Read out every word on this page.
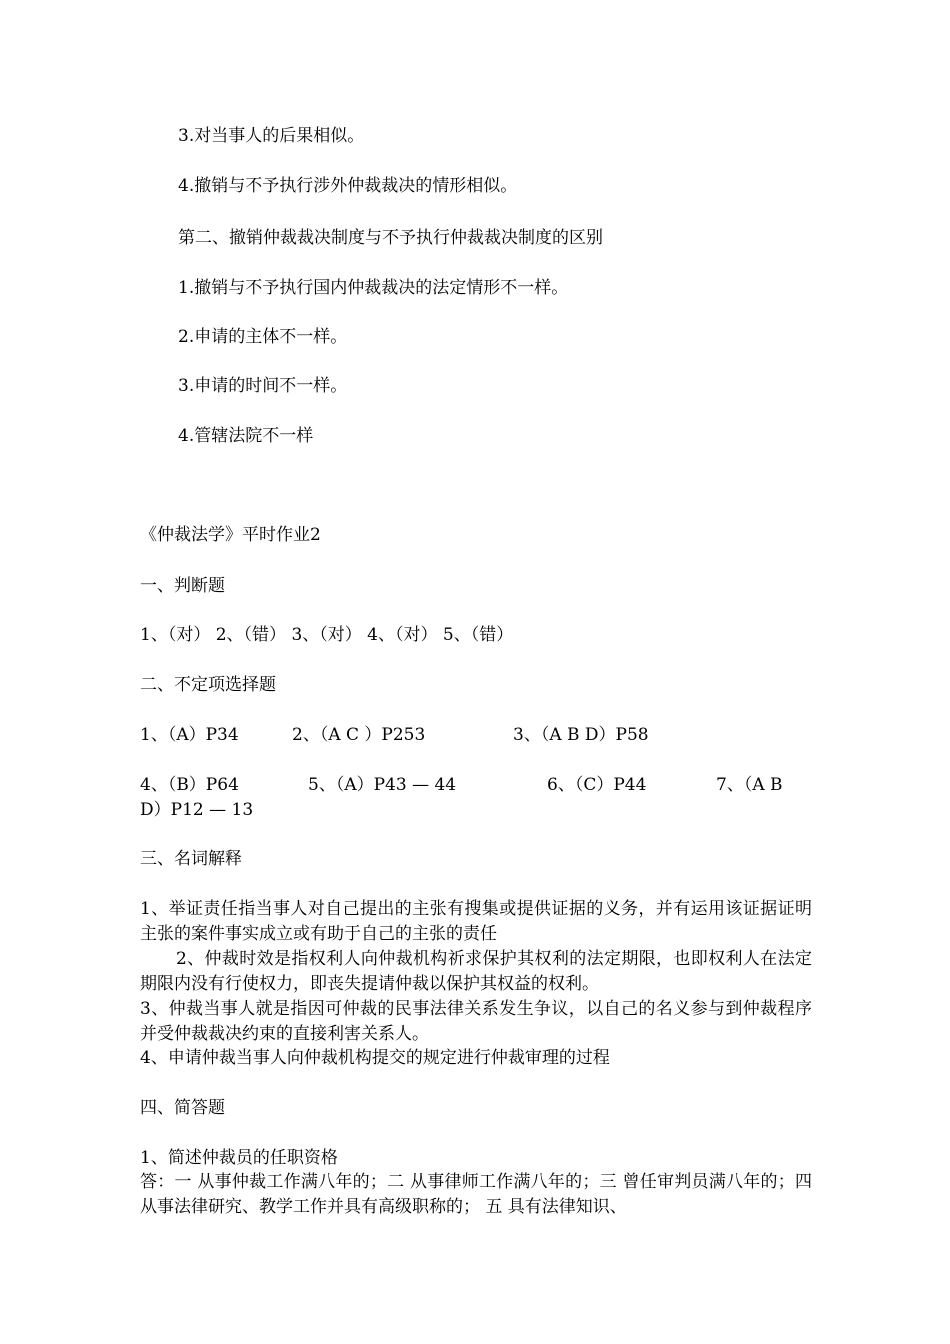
3.对当事人的后果相似。
4.撤销与不予执行涉外仲裁裁决的情形相似。
第二、撤销仲裁裁决制度与不予执行仲裁裁决制度的区别
1.撤销与不予执行国内仲裁裁决的法定情形不一样。
2.申请的主体不一样。
3.申请的时间不一样。
4.管辖法院不一样
《仲裁法学》平时作业2
一、判断题
1、（对） 2、（错） 3、（对） 4、（对） 5、（错）
二、不定项选择题
1、（A）P34	2、（A C ）P253	3、（A B D）P58
4、（B）P64	5、（A）P43 — 44	6、（C）P44	7、（A B
D）P12 — 13
三、名词解释
1、举证责任指当事人对自己提出的主张有搜集或提供证据的义务，并有运用该证据证明主张的案件事实成立或有助于自己的主张的责任
2、仲裁时效是指权利人向仲裁机构祈求保护其权利的法定期限，也即权利人在法定期限内没有行使权力，即丧失提请仲裁以保护其权益的权利。
3、仲裁当事人就是指因可仲裁的民事法律关系发生争议，以自己的名义参与到仲裁程序并受仲裁裁决约束的直接利害关系人。
4、申请仲裁当事人向仲裁机构提交的规定进行仲裁审理的过程
四、简答题
1、简述仲裁员的任职资格
答：一 从事仲裁工作满八年的；二 从事律师工作满八年的；三 曾任审判员满八年的；四 从事法律研究、教学工作并具有高级职称的； 五 具有法律知识、
